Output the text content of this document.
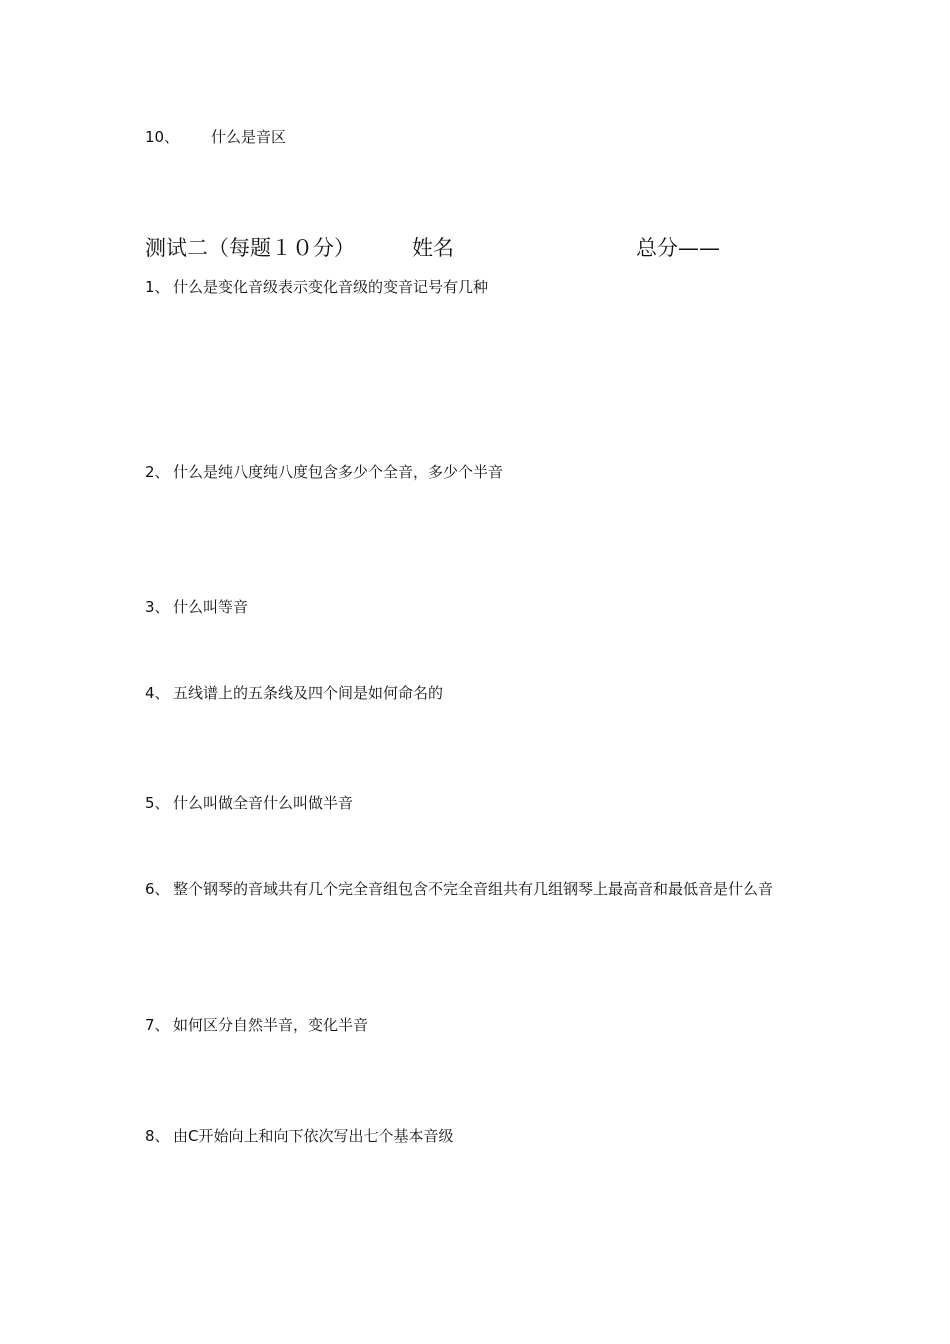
10、 什么是音区
测试二（每题１０分）	姓名	总分——
1、 什么是变化音级表示变化音级的变音记号有几种
2、 什么是纯八度纯八度包含多少个全音，多少个半音
3、 什么叫等音
4、 五线谱上的五条线及四个间是如何命名的
5、 什么叫做全音什么叫做半音
6、 整个钢琴的音域共有几个完全音组包含不完全音组共有几组钢琴上最高音和最低音是什么音
7、 如何区分自然半音，变化半音
8、 由C开始向上和向下依次写出七个基本音级
